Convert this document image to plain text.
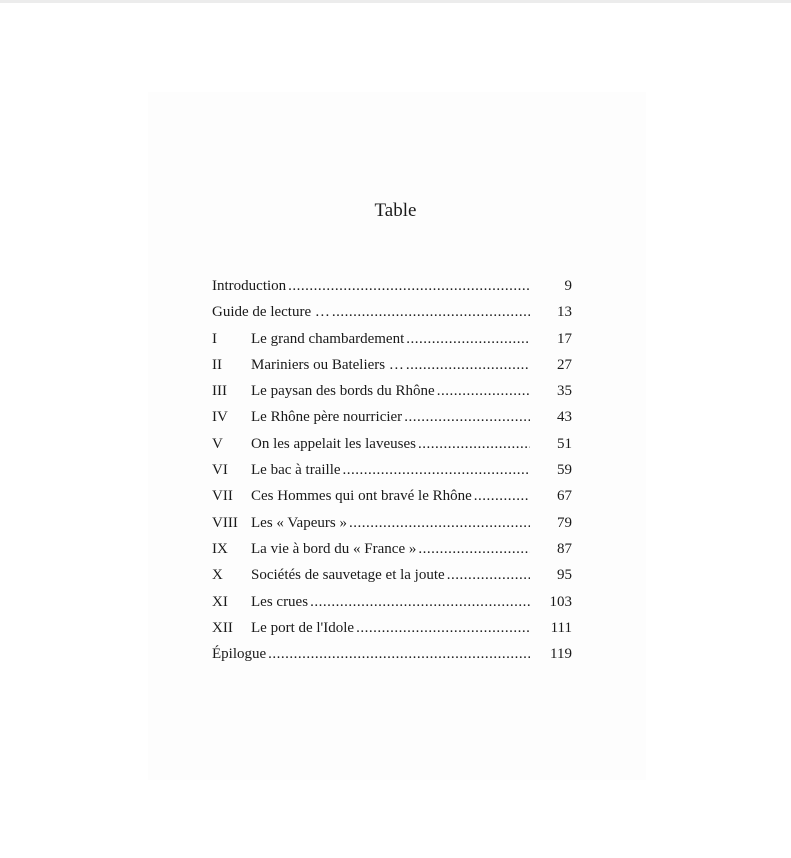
Table
Introduction .....	9
Guide de lecture … .....	13
I	Le grand chambardement .....	17
II	Mariniers ou Bateliers … .....	27
III	Le paysan des bords du Rhône .....	35
IV	Le Rhône père nourricier .....	43
V	On les appelait les laveuses .....	51
VI	Le bac à traille .....	59
VII	Ces Hommes qui ont bravé le Rhône .....	67
VIII Les « Vapeurs » .....	79
IX	La vie à bord du « France » .....	87
X	Sociétés de sauvetage et la joute .....	95
XI	Les crues .....	103
XII	Le port de l'Idole .....	111
Épilogue .....	119
